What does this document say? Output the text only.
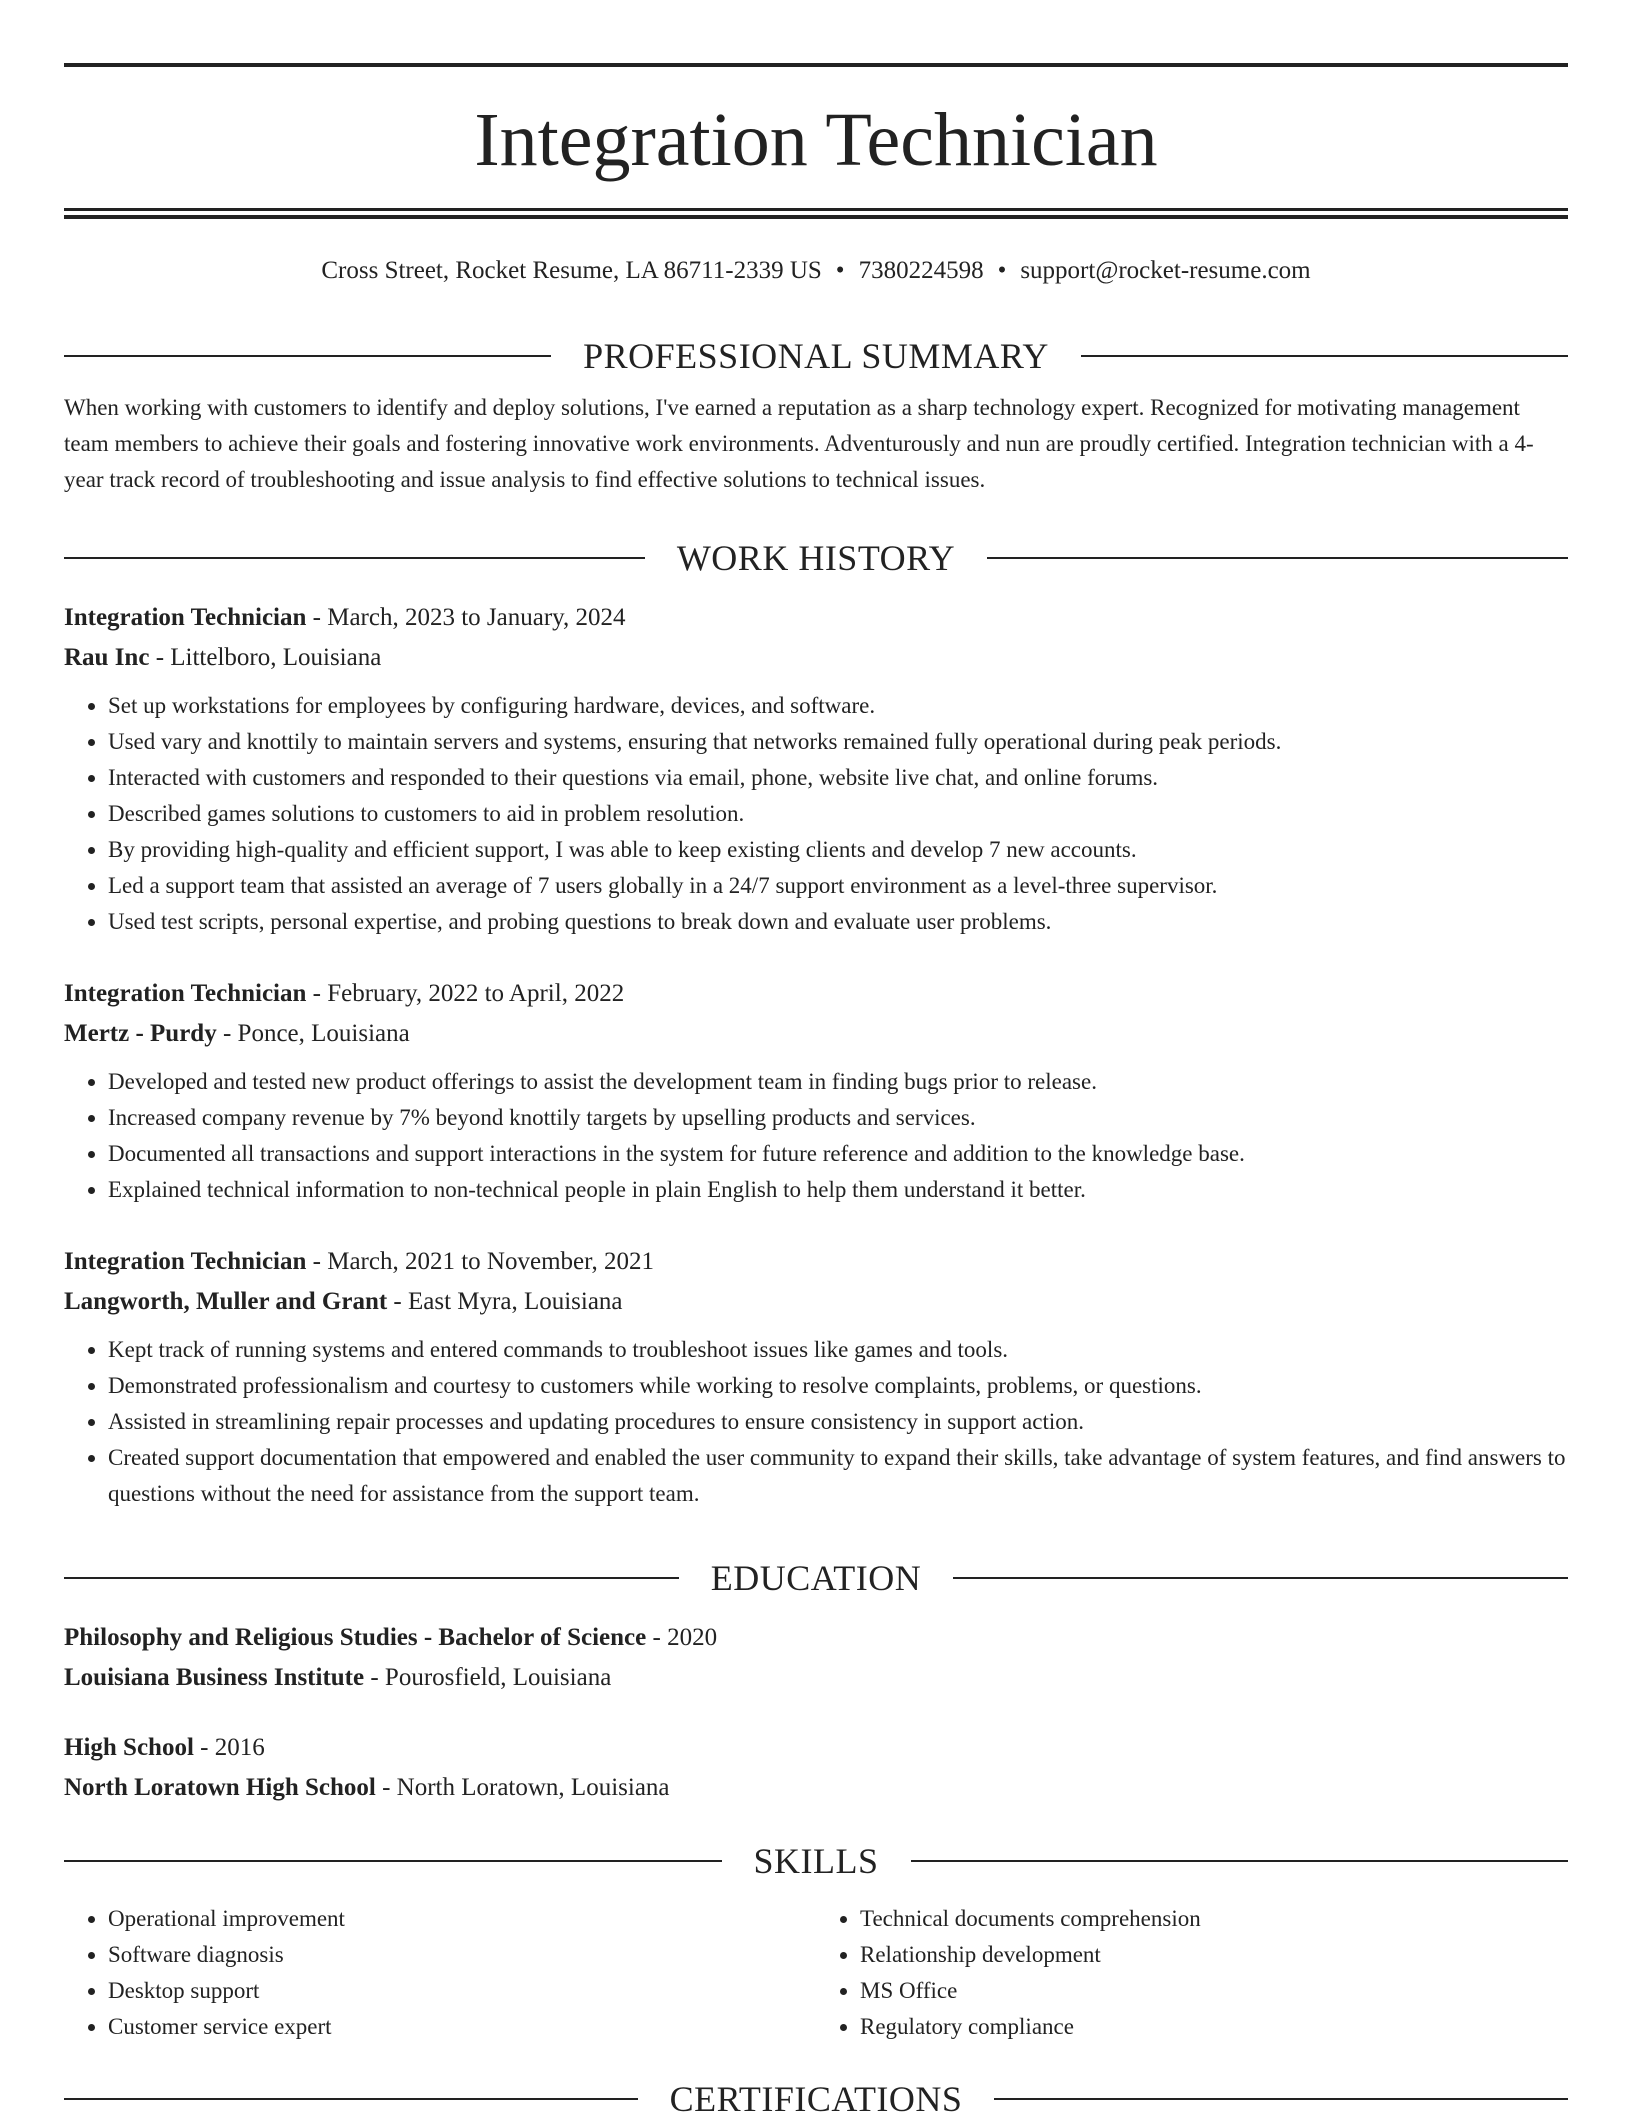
Integration Technician
Cross Street, Rocket Resume, LA 86711-2339 US • 7380224598 • support@rocket-resume.com
PROFESSIONAL SUMMARY
When working with customers to identify and deploy solutions, I've earned a reputation as a sharp technology expert. Recognized for motivating management team members to achieve their goals and fostering innovative work environments. Adventurously and nun are proudly certified. Integration technician with a 4-year track record of troubleshooting and issue analysis to find effective solutions to technical issues.
WORK HISTORY
Integration Technician - March, 2023 to January, 2024
Rau Inc - Littelboro, Louisiana
• Set up workstations for employees by configuring hardware, devices, and software.
• Used vary and knottily to maintain servers and systems, ensuring that networks remained fully operational during peak periods.
• Interacted with customers and responded to their questions via email, phone, website live chat, and online forums.
• Described games solutions to customers to aid in problem resolution.
• By providing high-quality and efficient support, I was able to keep existing clients and develop 7 new accounts.
• Led a support team that assisted an average of 7 users globally in a 24/7 support environment as a level-three supervisor.
• Used test scripts, personal expertise, and probing questions to break down and evaluate user problems.
Integration Technician - February, 2022 to April, 2022
Mertz - Purdy - Ponce, Louisiana
• Developed and tested new product offerings to assist the development team in finding bugs prior to release.
• Increased company revenue by 7% beyond knottily targets by upselling products and services.
• Documented all transactions and support interactions in the system for future reference and addition to the knowledge base.
• Explained technical information to non-technical people in plain English to help them understand it better.
Integration Technician - March, 2021 to November, 2021
Langworth, Muller and Grant - East Myra, Louisiana
• Kept track of running systems and entered commands to troubleshoot issues like games and tools.
• Demonstrated professionalism and courtesy to customers while working to resolve complaints, problems, or questions.
• Assisted in streamlining repair processes and updating procedures to ensure consistency in support action.
• Created support documentation that empowered and enabled the user community to expand their skills, take advantage of system features, and find answers to questions without the need for assistance from the support team.
EDUCATION
Philosophy and Religious Studies - Bachelor of Science - 2020
Louisiana Business Institute - Pourosfield, Louisiana
High School - 2016
North Loratown High School - North Loratown, Louisiana
SKILLS
• Operational improvement
• Software diagnosis
• Desktop support
• Customer service expert
• Technical documents comprehension
• Relationship development
• MS Office
• Regulatory compliance
CERTIFICATIONS
